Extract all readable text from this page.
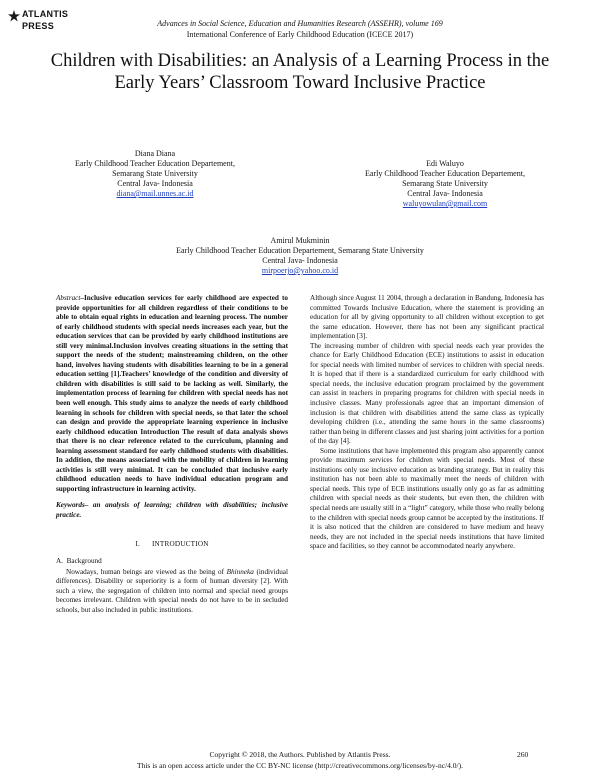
ATLANTIS
PRESS	Advances in Social Science, Education and Humanities Research (ASSEHR), volume 169
International Conference of Early Childhood Education (ICECE 2017)
Children with Disabilities: an Analysis of a Learning Process in the Early Years’ Classroom Toward Inclusive Practice
Diana Diana
Early Childhood Teacher Education Departement,
Semarang State University
Central Java- Indonesia
diana@mail.unnes.ac.id
Edi Waluyo
Early Childhood Teacher Education Departement,
Semarang State University
Central Java- Indonesia
waluyowulan@gmail.com
Amirul Mukminin
Early Childhood Teacher Education Departement, Semarang State University
Central Java- Indonesia
mirpoerjo@yahoo.co.id

Abstract–Inclusive education services for early childhood are expected to provide opportunities for all children regardless of their conditions to be able to obtain equal rights in education and learning process. The number of early childhood students with special needs increases each year, but the education services that can be provided by early childhood institutions are still very minimal.Inclusion involves creating situations in the setting that support the needs of the student; mainstreaming children, on the other hand, involves having students with disabilities learning to be in a general education setting [1].Teachers’ knowledge of the condition and diversity of children with disabilities is still said to be lacking as well. Similarly, the implementation process of learning for children with special needs has not been well enough. This study aims to analyze the needs of early childhood learning in schools for children with special needs, so that later the school can design and provide the appropriate learning experience in inclusive early childhood education Introduction The result of data analysis shows that there is no clear reference related to the curriculum, planning and learning assessment standard for early childhood students with disabilities. In addition, the means associated with the mobility of children in learning activities is still very minimal. It can be concluded that inclusive early childhood education needs to have individual education program and supporting infrastructure in learning activity.

Keywords– an analysis of learning; children with disabilities; inclusive practice.

I. INTRODUCTION
A. Background

Nowadays, human beings are viewed as the being of Bhinneka (individual differences). Disability or superiority is a form of human diversity [2]. With such a view, the segregation of children into normal and special need groups becomes irrelevant. Children with special needs do not have to be in secluded schools, but also included in public institutions.

Although since August 11 2004, through a declaration in Bandung, Indonesia has committed Towards Inclusive Education, where the statement is providing an education for all by giving opportunity to all children without exception to get the same education. However, there has not been any significant practical implementation [3].

The increasing number of children with special needs each year provides the chance for Early Childhood Education (ECE) institutions to assist in education for special needs with limited number of services to children with special needs. It is hoped that if there is a standardized curriculum for early childhood with special needs, the inclusive education program proclaimed by the government can assist in teachers in preparing programs for children with special needs in inclusive classes. Many professionals agree that an important dimension of inclusion is that children with disabilities attend the same class as typically developing children (i.e., attending the same hours in the same classrooms) rather than being in different classes and just sharing joint activities for a portion of the day [4].

Some institutions that have implemented this program also apparently cannot provide maximum services for children with special needs. Most of these institutions only use inclusive education as branding strategy. But in reality this institution has not been able to maximally meet the needs of children with special needs. This type of ECE institutions usually only go as far as admitting children with special needs as their students, but even then, the children with special needs are usually still in a “light” category, while those who really belong to the children with special needs group cannot be accepted by the institutions. If it is also noticed that the children are considered to have medium and heavy needs, they are not included in the special needs institutions that have limited space and facilities, so they cannot be accommodated nearly anywhere.

Copyright © 2018, the Authors. Published by Atlantis Press.	260
This is an open access article under the CC BY-NC license (http://creativecommons.org/licenses/by-nc/4.0/).
